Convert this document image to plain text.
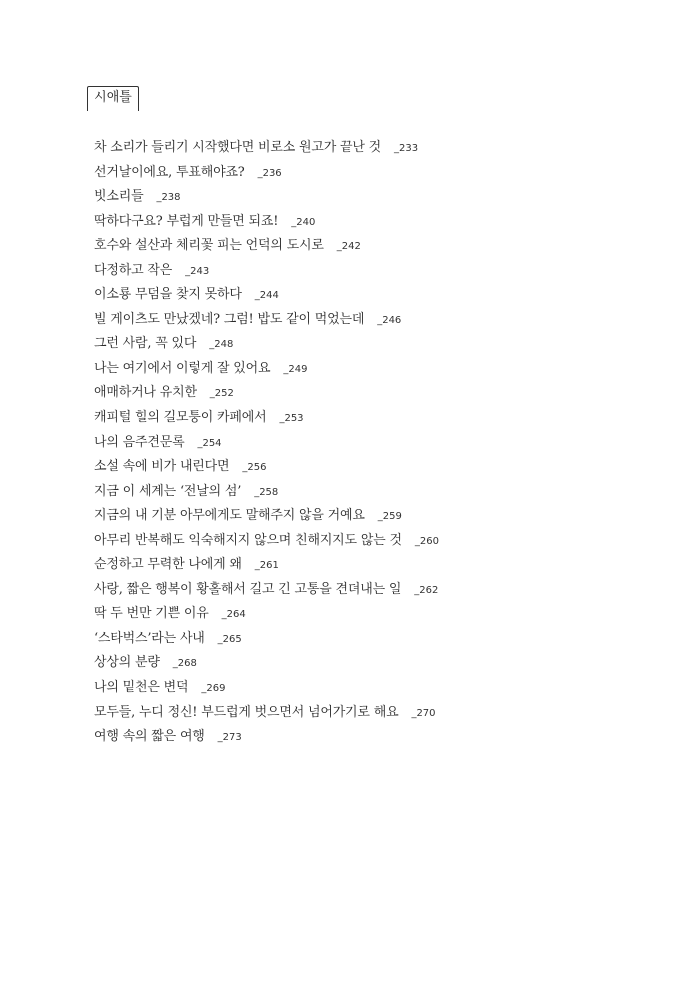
시애틀
차 소리가 들리기 시작했다면 비로소 원고가 끝난 것 _233
선거날이에요, 투표해야죠? _236
빗소리들 _238
딱하다구요? 부럽게 만들면 되죠! _240
호수와 설산과 체리꽃 피는 언덕의 도시로 _242
다정하고 작은 _243
이소룡 무덤을 찾지 못하다 _244
빌 게이츠도 만났겠네? 그럼! 밥도 같이 먹었는데 _246
그런 사람, 꼭 있다 _248
나는 여기에서 이렇게 잘 있어요 _249
애매하거나 유치한 _252
캐피털 힐의 길모퉁이 카페에서 _253
나의 음주견문록 _254
소설 속에 비가 내린다면 _256
지금 이 세계는 ‘전날의 섬’ _258
지금의 내 기분 아무에게도 말해주지 않을 거예요 _259
아무리 반복해도 익숙해지지 않으며 친해지지도 않는 것 _260
순정하고 무력한 나에게 왜 _261
사랑, 짧은 행복이 황홀해서 길고 긴 고통을 견뎌내는 일 _262
딱 두 번만 기쁜 이유 _264
‘스타벅스’라는 사내 _265
상상의 분량 _268
나의 밑천은 변덕 _269
모두들, 누디 정신! 부드럽게 벗으면서 넘어가기로 해요 _270
여행 속의 짧은 여행 _273
